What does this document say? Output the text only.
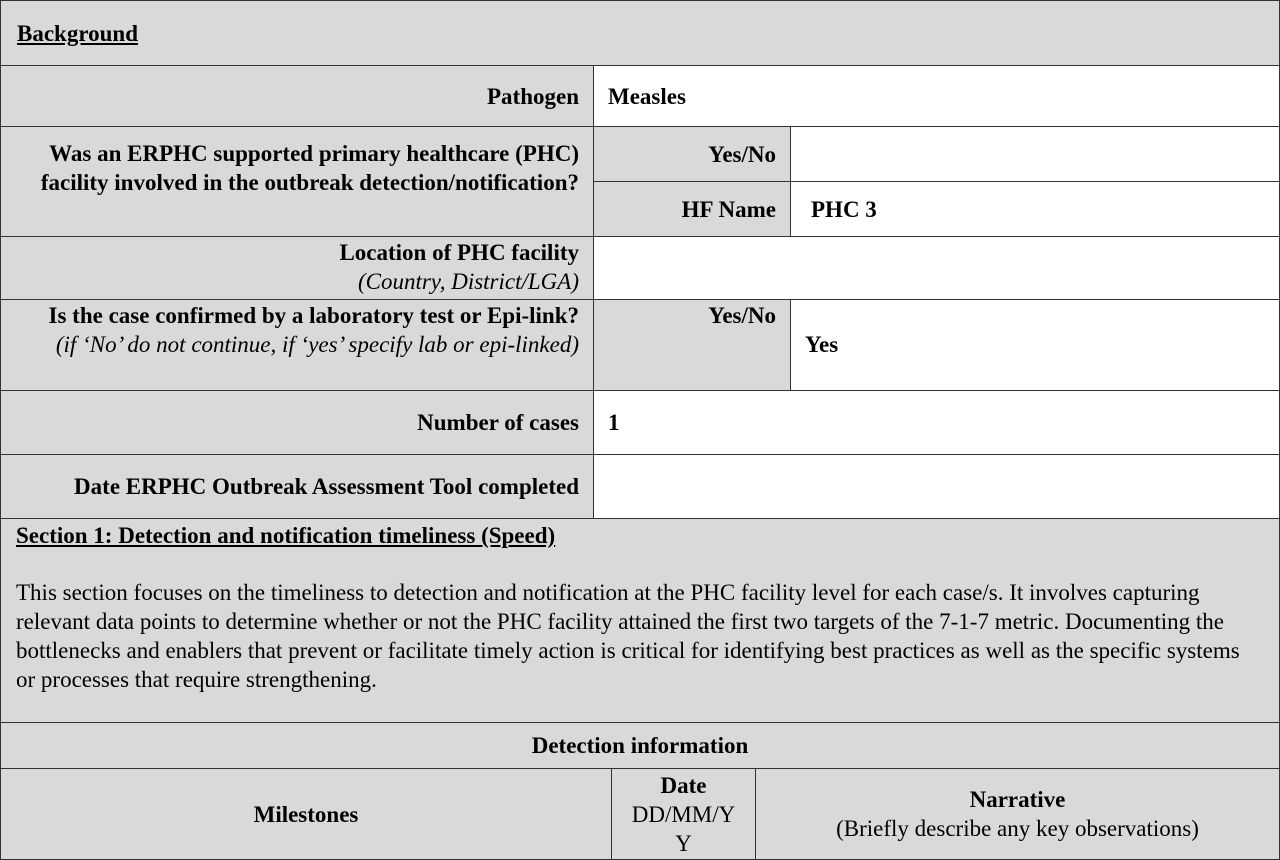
Background
Pathogen Measles
Was an ERPHC supported primary healthcare (PHC) facility involved in the outbreak detection/notification?
Yes/No
HF Name PHC 3
Location of PHC facility
(Country, District/LGA)
Is the case confirmed by a laboratory test or Epi-link? (if ‘No’ do not continue, if ‘yes’ specify lab or epi-linked)
Yes/No
Yes
Number of cases 1
Date ERPHC Outbreak Assessment Tool completed
Section 1: Detection and notification timeliness (Speed)
This section focuses on the timeliness to detection and notification at the PHC facility level for each case/s. It involves capturing relevant data points to determine whether or not the PHC facility attained the first two targets of the 7-1-7 metric. Documenting the bottlenecks and enablers that prevent or facilitate timely action is critical for identifying best practices as well as the specific systems or processes that require strengthening.
Detection information
Milestones
Date
DD/MM/YY
Narrative
(Briefly describe any key observations)
